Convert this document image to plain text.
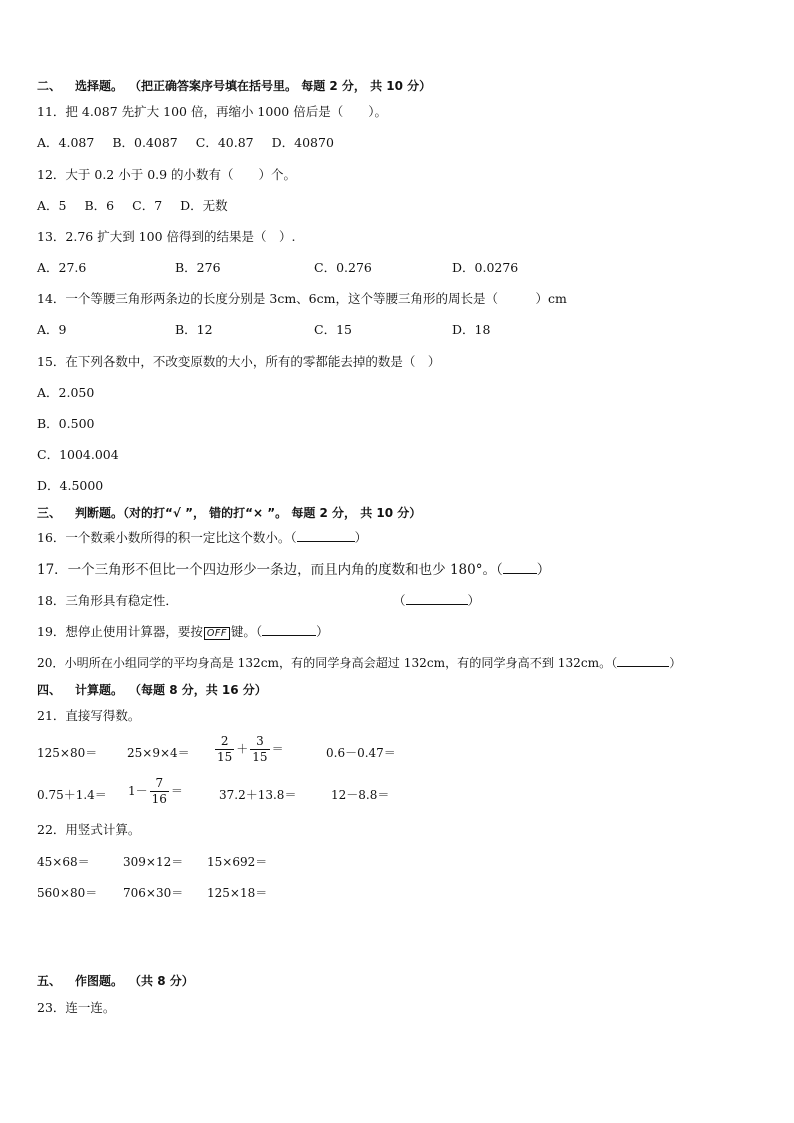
二、 选择题。 （把正确答案序号填在括号里。 每题 2 分， 共 10 分）
11．把 4.087 先扩大 100 倍，再缩小 1000 倍后是（　　）。
A．4.087 B．0.4087 C．40.87 D．40870
12．大于 0.2 小于 0.9 的小数有（　　）个。
A．5 B．6 C．7 D．无数
13．2.76 扩大到 100 倍得到的结果是（　）.
A．27.6	B．276	C．0.276	D．0.0276
14．一个等腰三角形两条边的长度分别是 3cm、6cm，这个等腰三角形的周长是（　　　）cm
A．9	B．12	C．15	D．18
15．在下列各数中，不改变原数的大小，所有的零都能去掉的数是（　）
A．2.050
B．0.500
C．1004.004
D．4.5000
三、 判断题。（对的打“√ ”， 错的打“× ”。 每题 2 分， 共 10 分）
16．一个数乘小数所得的积一定比这个数小。（	）
17．一个三角形不但比一个四边形少一条边，而且内角的度数和也少 180°。（	）
18．三角形具有稳定性．	（	）
19．想停止使用计算器，要按 OFF 键。（	）
20．小明所在小组同学的平均身高是 132cm，有的同学身高会超过 132cm，有的同学身高不到 132cm。（	）
四、 计算题。 （每题 8 分，共 16 分）
21．直接写得数。
$125\times 80= 25\times 9\times 4= \frac{2}{15} + \frac{3}{15}$ ＝	0.6－0.47＝
$0.75+1.4= 1- \frac{7}{16}$ ＝	37.2＋13.8＝	12－8.8＝
22．用竖式计算。
45×68＝	309×12＝ 15×692＝
560×80＝ 706×30＝ 125×18＝
五、 作图题。 （共 8 分）
23．连一连。
